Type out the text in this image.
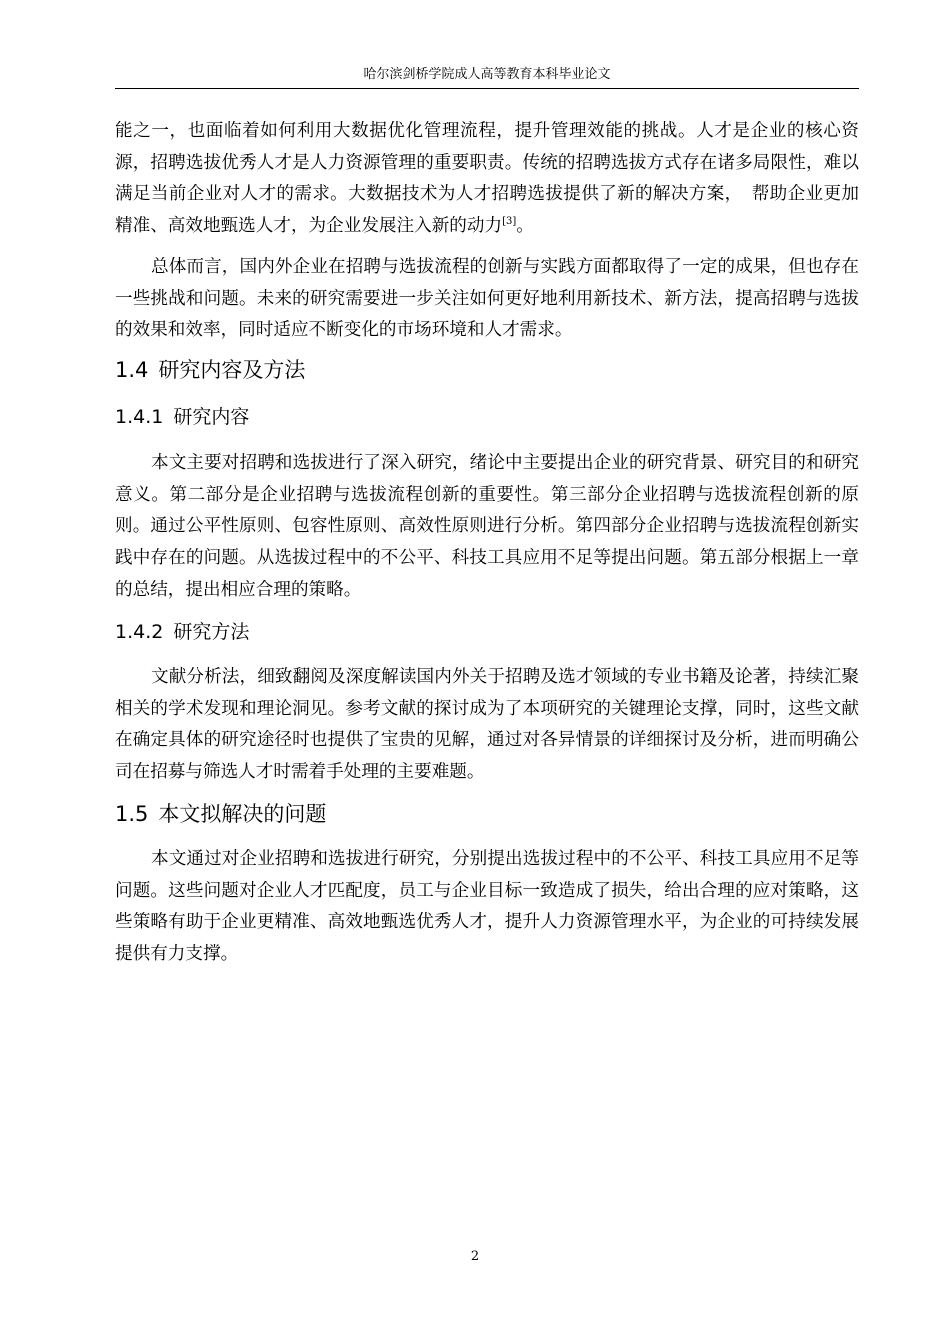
哈尔滨剑桥学院成人高等教育本科毕业论文

能之一，也面临着如何利用大数据优化管理流程，提升管理效能的挑战。人才是企业的核心资源，招聘选拔优秀人才是人力资源管理的重要职责。传统的招聘选拔方式存在诸多局限性，难以满足当前企业对人才的需求。大数据技术为人才招聘选拔提供了新的解决方案，　帮助企业更加精准、高效地甄选人才，为企业发展注入新的动力[3]。

总体而言，国内外企业在招聘与选拔流程的创新与实践方面都取得了一定的成果，但也存在一些挑战和问题。未来的研究需要进一步关注如何更好地利用新技术、新方法，提高招聘与选拔的效果和效率，同时适应不断变化的市场环境和人才需求。

1.4 研究内容及方法
1.4.1 研究内容

本文主要对招聘和选拔进行了深入研究，绪论中主要提出企业的研究背景、研究目的和研究意义。第二部分是企业招聘与选拔流程创新的重要性。第三部分企业招聘与选拔流程创新的原则。通过公平性原则、包容性原则、高效性原则进行分析。第四部分企业招聘与选拔流程创新实践中存在的问题。从选拔过程中的不公平、科技工具应用不足等提出问题。第五部分根据上一章的总结，提出相应合理的策略。

1.4.2 研究方法

文献分析法，细致翻阅及深度解读国内外关于招聘及选才领域的专业书籍及论著，持续汇聚相关的学术发现和理论洞见。参考文献的探讨成为了本项研究的关键理论支撑，同时，这些文献在确定具体的研究途径时也提供了宝贵的见解，通过对各异情景的详细探讨及分析，进而明确公司在招募与筛选人才时需着手处理的主要难题。

1.5 本文拟解决的问题

本文通过对企业招聘和选拔进行研究，分别提出选拔过程中的不公平、科技工具应用不足等问题。这些问题对企业人才匹配度，员工与企业目标一致造成了损失，给出合理的应对策略，这些策略有助于企业更精准、高效地甄选优秀人才，提升人力资源管理水平，为企业的可持续发展提供有力支撑。

2
